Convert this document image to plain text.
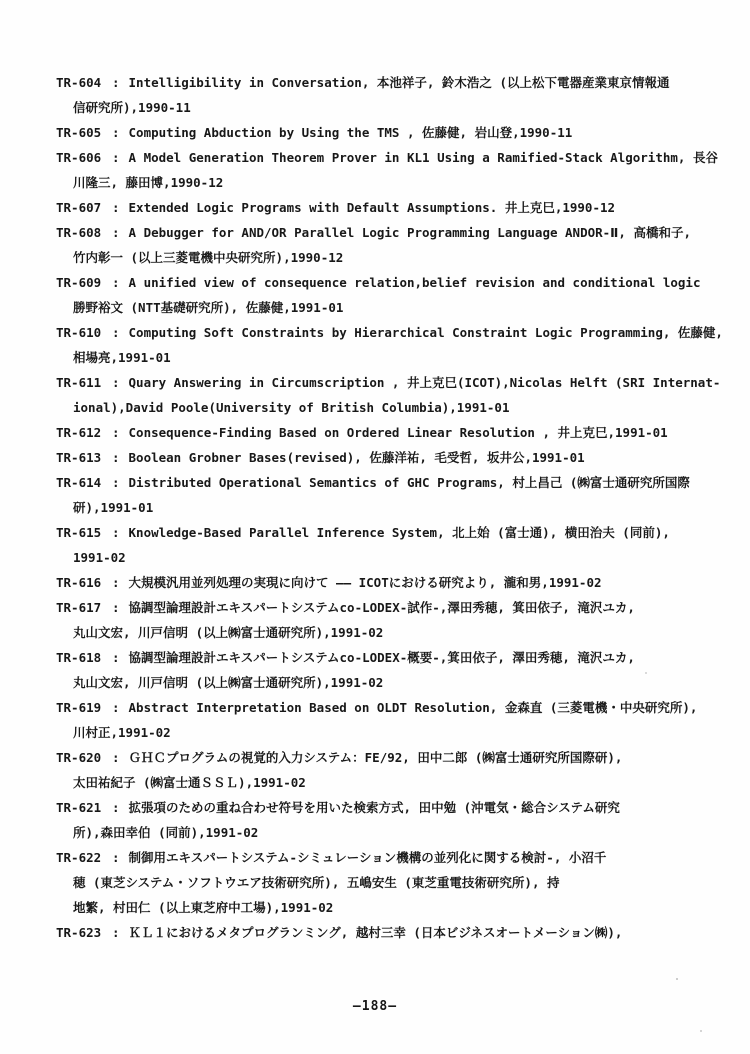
TR-604 : Intelligibility in Conversation, 本池祥子, 鈴木浩之 (以上松下電器産業東京情報通
信研究所),1990-11
TR-605 : Computing Abduction by Using the TMS , 佐藤健, 岩山登,1990-11
TR-606 : A Model Generation Theorem Prover in KL1 Using a Ramified-Stack Algorithm, 長谷
川隆三, 藤田博,1990-12
TR-607 : Extended Logic Programs with Default Assumptions. 井上克巳,1990-12
TR-608 : A Debugger for AND/OR Parallel Logic Programming Language ANDOR-Ⅱ, 高橋和子,
竹内彰一 (以上三菱電機中央研究所),1990-12
TR-609 : A unified view of consequence relation,belief revision and conditional logic
勝野裕文 (NTT基礎研究所), 佐藤健,1991-01
TR-610 : Computing Soft Constraints by Hierarchical Constraint Logic Programming, 佐藤健,
相場亮,1991-01
TR-611 : Quary Answering in Circumscription , 井上克巳(ICOT),Nicolas Helft (SRI Internat-
ional),David Poole(University of British Columbia),1991-01
TR-612 : Consequence-Finding Based on Ordered Linear Resolution , 井上克巳,1991-01
TR-613 : Boolean Grobner Bases(revised), 佐藤洋祐, 毛受哲, 坂井公,1991-01
TR-614 : Distributed Operational Semantics of GHC Programs, 村上昌己 (㈱富士通研究所国際
研),1991-01
TR-615 : Knowledge-Based Parallel Inference System, 北上始 (富士通), 横田治夫 (同前),
1991-02
TR-616 : 大規模汎用並列処理の実現に向けて ―― ICOTにおける研究より, 瀧和男,1991-02
TR-617 : 協調型論理設計エキスパートシステムco-LODEX-試作-,澤田秀穂, 箕田依子, 滝沢ユカ,
丸山文宏, 川戸信明 (以上㈱富士通研究所),1991-02
TR-618 : 協調型論理設計エキスパートシステムco-LODEX-概要-,箕田依子, 澤田秀穂, 滝沢ユカ,
丸山文宏, 川戸信明 (以上㈱富士通研究所),1991-02
TR-619 : Abstract Interpretation Based on OLDT Resolution, 金森直 (三菱電機・中央研究所),
川村正,1991-02
TR-620 : ＧＨＣプログラムの視覚的入力システム：FE/92, 田中二郎 (㈱富士通研究所国際研),
太田祐紀子 (㈱富士通ＳＳＬ),1991-02
TR-621 : 拡張項のための重ね合わせ符号を用いた検索方式, 田中勉 (沖電気・総合システム研究
所),森田幸伯 (同前),1991-02
TR-622 : 制御用エキスパートシステム-シミュレーション機構の並列化に関する検討-, 小沼千
穂 (東芝システム・ソフトウエア技術研究所), 五嶋安生 (東芝重電技術研究所), 持
地繁, 村田仁 (以上東芝府中工場),1991-02
TR-623 : ＫＬ１におけるメタプログランミング, 越村三幸 (日本ビジネスオートメーション㈱),
―188―
